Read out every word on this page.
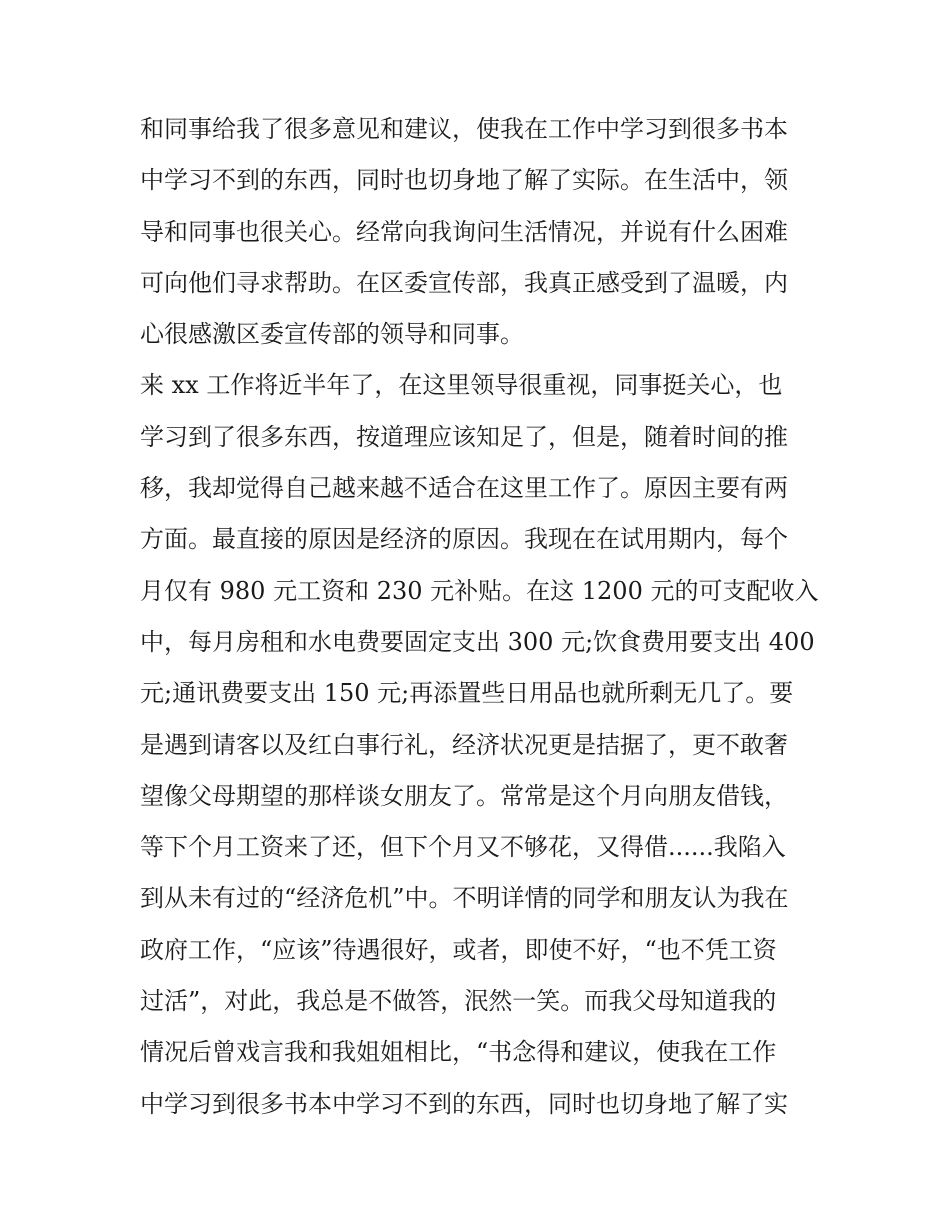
和同事给我了很多意见和建议，使我在工作中学习到很多书本
中学习不到的东西，同时也切身地了解了实际。在生活中，领
导和同事也很关心。经常向我询问生活情况，并说有什么困难
可向他们寻求帮助。在区委宣传部，我真正感受到了温暖，内
心很感激区委宣传部的领导和同事。
来 xx 工作将近半年了，在这里领导很重视，同事挺关心，也
学习到了很多东西，按道理应该知足了，但是，随着时间的推
移，我却觉得自己越来越不适合在这里工作了。原因主要有两
方面。最直接的原因是经济的原因。我现在在试用期内，每个
月仅有 980 元工资和 230 元补贴。在这 1200 元的可支配收入
中，每月房租和水电费要固定支出 300 元;饮食费用要支出 400
元;通讯费要支出 150 元;再添置些日用品也就所剩无几了。要
是遇到请客以及红白事行礼，经济状况更是拮据了，更不敢奢
望像父母期望的那样谈女朋友了。常常是这个月向朋友借钱，
等下个月工资来了还，但下个月又不够花，又得借......我陷入
到从未有过的“经济危机”中。不明详情的同学和朋友认为我在
政府工作，“应该”待遇很好，或者，即使不好，“也不凭工资
过活”，对此，我总是不做答，泯然一笑。而我父母知道我的
情况后曾戏言我和我姐姐相比，“书念得和建议，使我在工作
中学习到很多书本中学习不到的东西，同时也切身地了解了实
